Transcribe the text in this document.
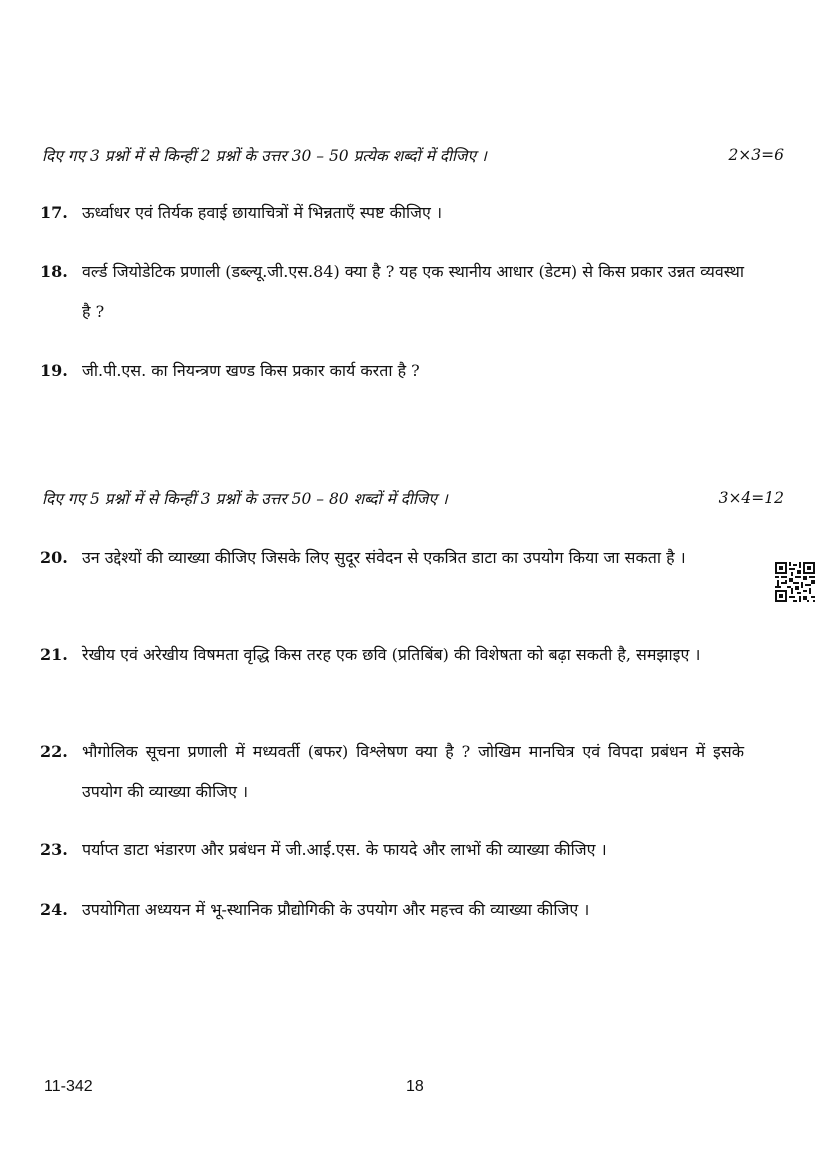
दिए गए 3 प्रश्नों में से किन्हीं 2 प्रश्नों के उत्तर 30 – 50 प्रत्येक शब्दों में दीजिए ।	2×3=6
17. ऊर्ध्वाधर एवं तिर्यक हवाई छायाचित्रों में भिन्नताएँ स्पष्ट कीजिए ।
18. वर्ल्ड जियोडेटिक प्रणाली (डब्ल्यू.जी.एस.84) क्या है ? यह एक स्थानीय आधार (डेटम) से किस प्रकार उन्नत व्यवस्था है ?
19. जी.पी.एस. का नियन्त्रण खण्ड किस प्रकार कार्य करता है ?
दिए गए 5 प्रश्नों में से किन्हीं 3 प्रश्नों के उत्तर 50 – 80 शब्दों में दीजिए ।	3×4=12
20. उन उद्देश्यों की व्याख्या कीजिए जिसके लिए सुदूर संवेदन से एकत्रित डाटा का उपयोग किया जा सकता है ।
21. रेखीय एवं अरेखीय विषमता वृद्धि किस तरह एक छवि (प्रतिबिंब) की विशेषता को बढ़ा सकती है, समझाइए ।
22. भौगोलिक सूचना प्रणाली में मध्यवर्ती (बफर) विश्लेषण क्या है ? जोखिम मानचित्र एवं विपदा प्रबंधन में इसके उपयोग की व्याख्या कीजिए ।
23. पर्याप्त डाटा भंडारण और प्रबंधन में जी.आई.एस. के फायदे और लाभों की व्याख्या कीजिए ।
24. उपयोगिता अध्ययन में भू-स्थानिक प्रौद्योगिकी के उपयोग और महत्त्व की व्याख्या कीजिए ।
11-342	18
